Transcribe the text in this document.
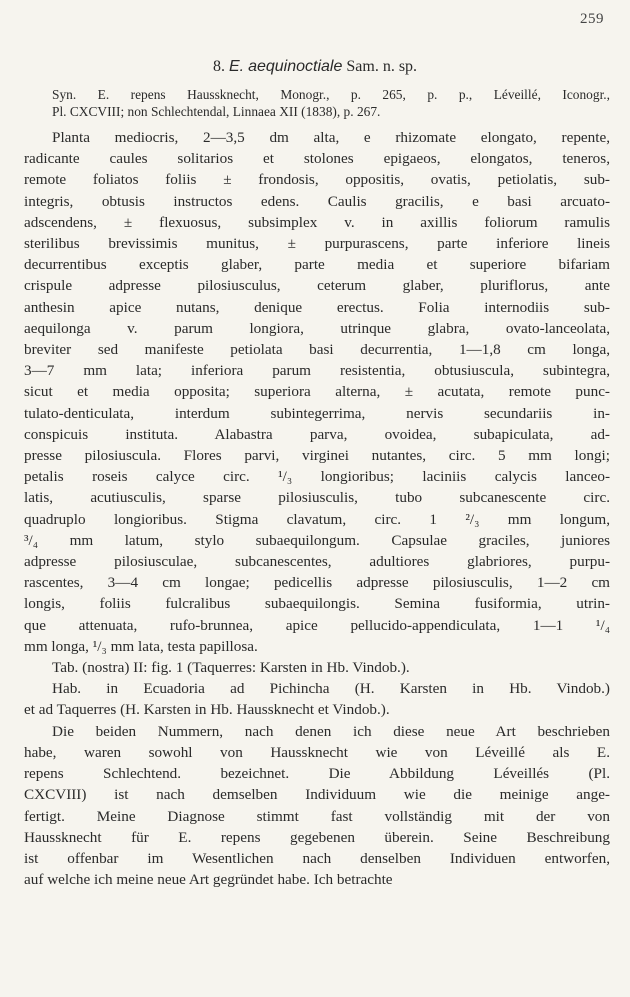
259
8. E. aequinoctiale Sam. n. sp.
Syn. E. repens Haussknecht, Monogr., p. 265, p. p., Léveillé, Iconogr.,
Pl. CXCVIII; non Schlechtendal, Linnaea XII (1838), p. 267.
Planta mediocris, 2—3,5 dm alta, e rhizomate elongato, repente,
radicante caules solitarios et stolones epigaeos, elongatos, teneros,
remote foliatos foliis ± frondosis, oppositis, ovatis, petiolatis, sub-
integris, obtusis instructos edens. Caulis gracilis, e basi arcuato-
adscendens, ± flexuosus, subsimplex v. in axillis foliorum ramulis
sterilibus brevissimis munitus, ± purpurascens, parte inferiore lineis
decurrentibus exceptis glaber, parte media et superiore bifariam
crispule adpresse pilosiusculus, ceterum glaber, pluriflorus, ante
anthesin apice nutans, denique erectus. Folia internodiis sub-
aequilonga v. parum longiora, utrinque glabra, ovato-lanceolata,
breviter sed manifeste petiolata basi decurrentia, 1—1,8 cm longa,
3—7 mm lata; inferiora parum resistentia, obtusiuscula, subintegra,
sicut et media opposita; superiora alterna, ± acutata, remote punc-
tulato-denticulata, interdum subintegerrima, nervis secundariis in-
conspicuis instituta. Alabastra parva, ovoidea, subapiculata, ad-
presse pilosiuscula. Flores parvi, virginei nutantes, circ. 5 mm longi;
petalis roseis calyce circ. ¹/₃ longioribus; laciniis calycis lanceo-
latis, acutiusculis, sparse pilosiusculis, tubo subcanescente circ.
quadruplo longioribus. Stigma clavatum, circ. 1 ²/₃ mm longum,
³/₄ mm latum, stylo subaequilongum. Capsulae graciles, juniores
adpresse pilosiusculae, subcanescentes, adultiores glabriores, purpu-
rascentes, 3—4 cm longae; pedicellis adpresse pilosiusculis, 1—2 cm
longis, foliis fulcralibus subaequilongis. Semina fusiformia, utrin-
que attenuata, rufo-brunnea, apice pellucido-appendiculata, 1—1 ¹/₄
mm longa, ¹/₃ mm lata, testa papillosa.
Tab. (nostra) II: fig. 1 (Taquerres: Karsten in Hb. Vindob.).
Hab. in Ecuadoria ad Pichincha (H. Karsten in Hb. Vindob.)
et ad Taquerres (H. Karsten in Hb. Haussknecht et Vindob.).
Die beiden Nummern, nach denen ich diese neue Art beschrieben
habe, waren sowohl von Haussknecht wie von Léveillé als E.
repens Schlechtend. bezeichnet. Die Abbildung Léveillés (Pl.
CXCVIII) ist nach demselben Individuum wie die meinige ange-
fertigt. Meine Diagnose stimmt fast vollständig mit der von
Haussknecht für E. repens gegebenen überein. Seine Beschreibung
ist offenbar im Wesentlichen nach denselben Individuen entworfen,
auf welche ich meine neue Art gegründet habe. Ich betrachte
